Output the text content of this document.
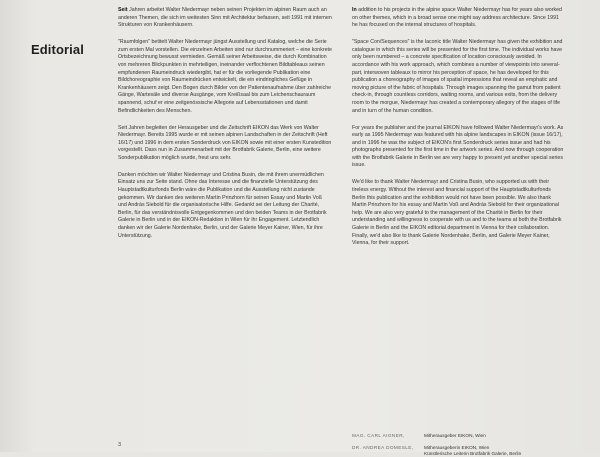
Editorial

Seit Jahren arbeitet Walter Niedermayr neben seinen Projekten im alpinen Raum auch an anderen Themen, die sich im weitesten Sinn mit Architektur befassen, seit 1991 mit internen Strukturen von Krankenhäusern.

"Raumfolgen" betitelt Walter Niedermayr jüngst Ausstellung und Katalog, welche die Serie zum ersten Mal vorstellen. Die einzelnen Arbeiten sind nur durchnummeriert – eine konkrete Ortsbezeichnung bewusst vermieden. Gemäß seiner Arbeitsweise, die durch Kombination von mehreren Blickpunkten in mehrteiligen, ineinander verflochtenen Bildtableaus seinen empfundenen Raumeindruck wiedergibt, hat er für die vorliegende Publikation eine Bildchoreographie von Raumeindrücken entwickelt, die ein eindringliches Gefüge in Krankenhäusern zeigt. Den Bogen durch Bilder von der Patientenaufnahme über zahlreiche Gänge, Wartesäle und diverse Ausgänge, vom Kreißsaal bis zum Leichenschauraum spannend, schuf er eine zeitgenössische Allegorie auf Lebensstationen und damit Befindlichkeiten des Menschen.

Seit Jahren begleiten der Herausgeber und die Zeitschrift EIKON das Werk von Walter Niedermayr. Bereits 1995 wurde er mit seinen alpinen Landschaften in der Zeitschrift (Heft 16/17) und 1996 in dem ersten Sonderdruck von EIKON sowie mit einer ersten Kunstedition vorgestellt. Dass nun in Zusammenarbeit mit der Brotfabrik Galerie, Berlin, eine weitere Sonderpublikation möglich wurde, freut uns sehr.

Danken möchten wir Walter Niedermayr und Cristina Busin, die mit ihrem unermüdlichen Einsatz uns zur Seite stand. Ohne das Interesse und die finanzielle Unterstützung des Hauptstadtkulturfonds Berlin wäre die Publikation und die Ausstellung nicht zustande gekommen. Wir danken des weiteren Martin Prinzhorn für seinen Essay und Martin Voß und András Siebold für die organisatorische Hilfe. Gedankt sei der Leitung der Charité, Berlin, für das verständnisvolle Entgegenkommen und den beiden Teams in der Brotfabrik Galerie in Berlin und in der EIKON-Redaktion in Wien für ihr Engagement. Letztendlich danken wir der Galerie Nordenhake, Berlin, und der Galerie Meyer Kainer, Wien, für ihre Unterstützung.

In addition to his projects in the alpine space Walter Niedermayr has for years also worked on other themes, which in a broad sense one might say address architecture. Since 1991 he has focused on the internal structures of hospitals.

"Space Con/Sequences" is the laconic title Walter Niedermayr has given the exhibition and catalogue in which this series will be presented for the first time. The individual works have only been numbered – a concrete specification of location consciously avoided. In accordance with his work approach, which combines a number of viewpoints into several-part, interwoven tableaux to mirror his perception of space, he has developed for this publication a choreography of images of spatial impressions that reveal an emphatic and moving picture of the fabric of hospitals. Through images spanning the gamut from patient check-in, through countless corridors, waiting rooms, and various exits, from the delivery room to the morgue, Niedermayr has created a contemporary allegory of the stages of life and in turn of the human condition.

For years the publisher and the journal EIKON have followed Walter Niedermayr's work. As early as 1995 Niedermayr was featured with his alpine landscapes in EIKON (issue 16/17), and in 1996 he was the subject of EIKON's first Sonderdruck series issue and had his photographs presented for the first time in the artwork series. And now through cooperation with the Brotfabrik Galerie in Berlin we are very happy to present yet another special series issue.

We'd like to thank Walter Niedermayr and Cristina Busin, who supported us with their tireless energy. Without the interest and financial support of the Hauptstadtkulturfonds Berlin this publication and the exhibition would not have been possible. We also thank Martin Prinzhorn for his essay and Martin Voß and András Siebold for their organizational help. We are also very grateful to the management of the Charité in Berlin for their understanding and willingness to cooperate with us and to the teams at both the Brotfabrik Galerie in Berlin and the EIKON editorial department in Vienna for their collaboration. Finally, we'd also like to thank Galerie Nordenhake, Berlin, and Galerie Meyer Kainer, Vienna, for their support.

MAG. CARL AIGNER,	Mitherausgeber EIKON, Wien
DR. ANDREA DOMESLE, Mitherausgeberin EIKON, Wien
Künstlerische Leiterin Brotfabrik Galerie, Berlin
3
